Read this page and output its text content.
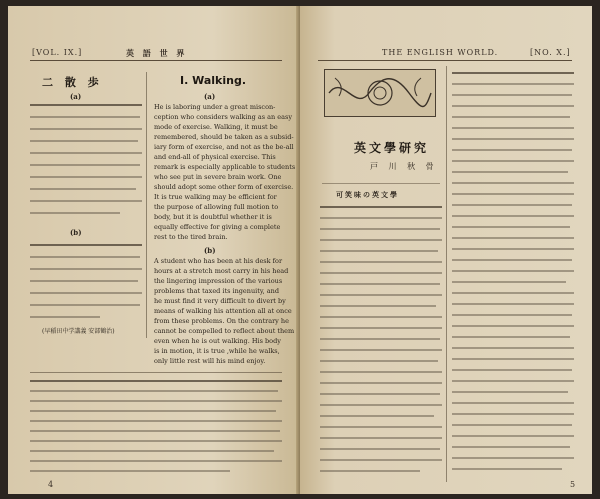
[VOL. IX.]	英 語 世 界
二 散 歩	I. Walking.
(a)
(b)
(早稲田中学講義 安部鶴治)
(a)
He is laboring under a great miscon-
ception who considers walking as an easy
mode of exercise. Walking, it must be
remembered, should be taken as a subsid-
iary form of exercise, and not as the be-all
and end-all of physical exercise. This
remark is especially applicable to students
who see put in severe brain work. One
should adopt some other form of exercise.
It is true walking may be efficient for
the purpose of allowing full motion to
body, but it is doubtful whether it is
equally effective for giving a complete
rest to the tired brain.
(b)
A student who has been at his desk for
hours at a stretch most carry in his head
the lingering impression of the various
problems that taxed its ingenuity, and
he must find it very difficult to divert by
means of walking his attention all at once
from these problems. On the contrary he
cannot be compelled to reflect about them
even when he is out walking. His body
is in motion, it is true ,while he walks,
only little rest will his mind enjoy.
4
THE ENGLISH WORLD.	[NO. X.]
英文學研究
戸 川 秋 骨
可笑味の英文學
5
